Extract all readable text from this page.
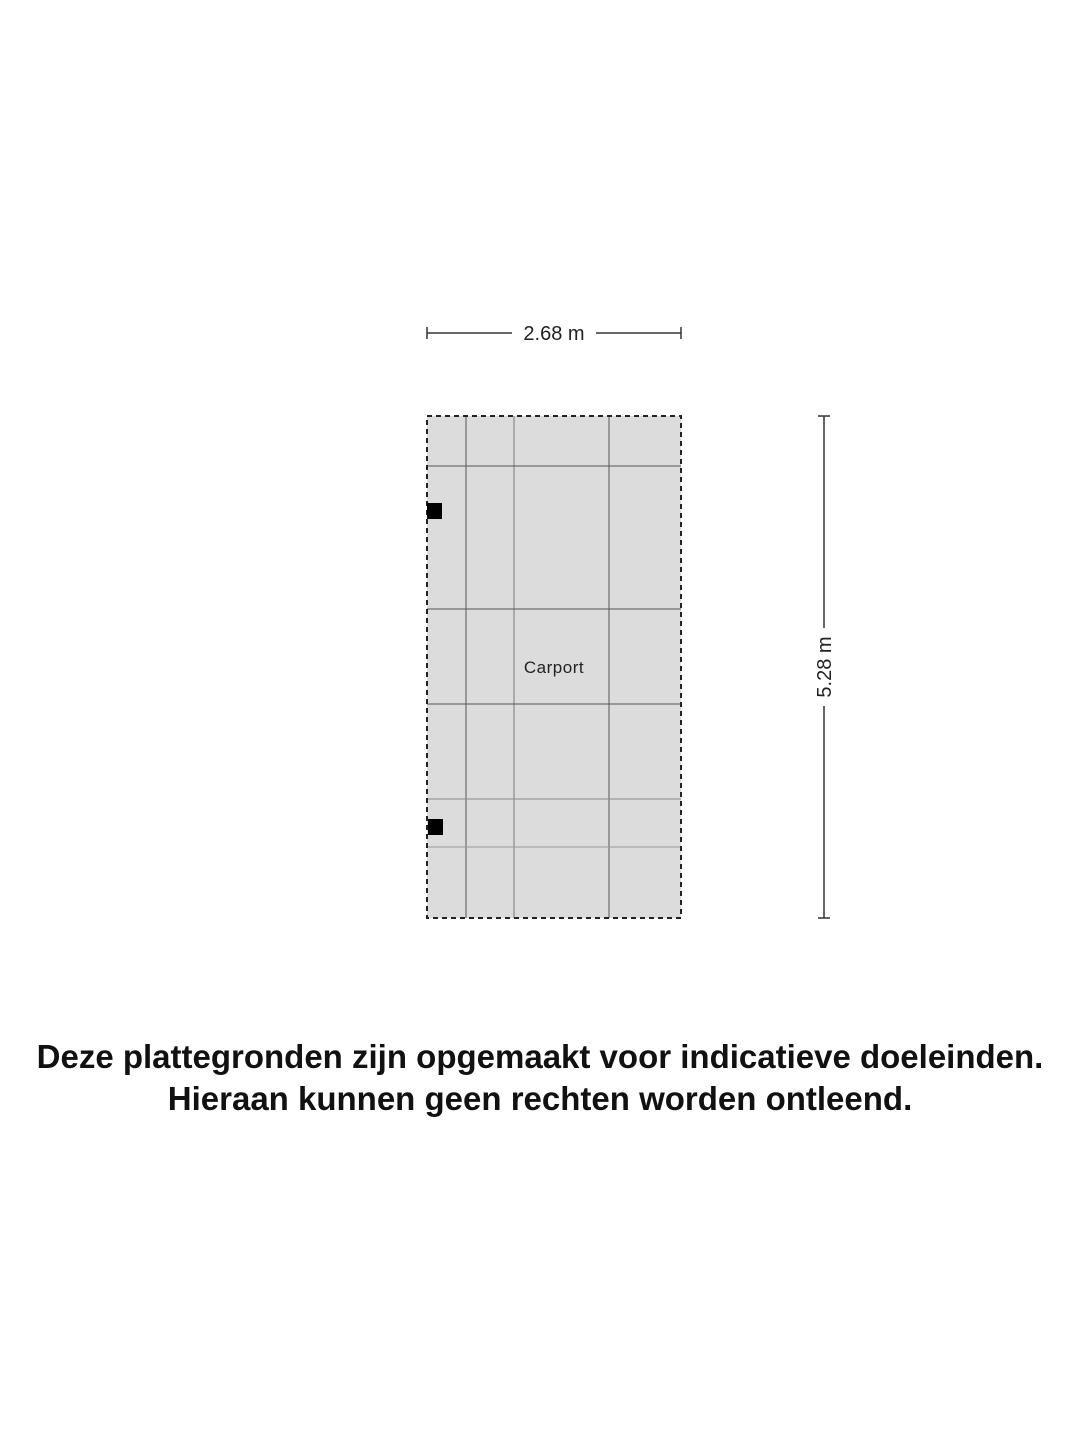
2.68 m
5.28 m
Carport
Deze plattegronden zijn opgemaakt voor indicatieve doeleinden.
Hieraan kunnen geen rechten worden ontleend.
